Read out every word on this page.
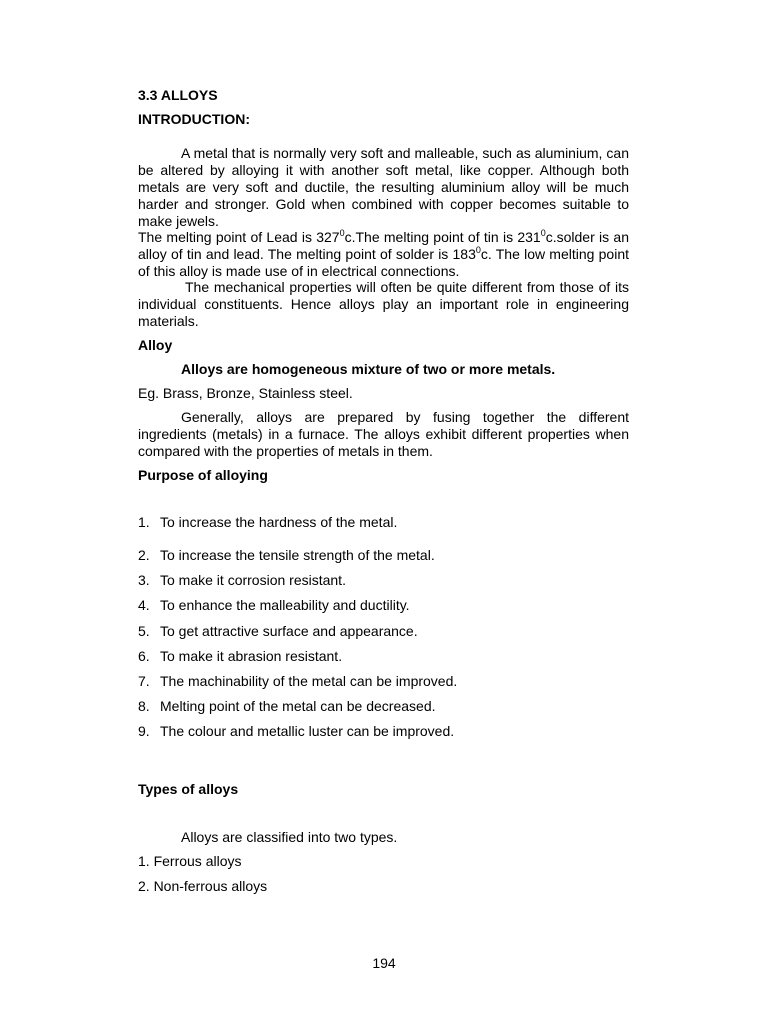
3.3 ALLOYS
INTRODUCTION:

A metal that is normally very soft and malleable, such as aluminium, can be altered by alloying it with another soft metal, like copper. Although both metals are very soft and ductile, the resulting aluminium alloy will be much harder and stronger. Gold when combined with copper becomes suitable to make jewels.

The melting point of Lead is $327^0c.The$ melting point of tin is $231^0c.solder$ is an alloy of tin and lead. The melting point of solder is $183^0c$. The low melting point of this alloy is made use of in electrical connections.

The mechanical properties will often be quite different from those of its individual constituents. Hence alloys play an important role in engineering materials.

Alloy
Alloys are homogeneous mixture of two or more metals.
Eg. Brass, Bronze, Stainless steel.

Generally, alloys are prepared by fusing together the different ingredients (metals) in a furnace. The alloys exhibit different properties when compared with the properties of metals in them.

Purpose of alloying
1. To increase the hardness of the metal.
2. To increase the tensile strength of the metal.
3. To make it corrosion resistant.
4. To enhance the malleability and ductility.
5. To get attractive surface and appearance.
6. To make it abrasion resistant.
7. The machinability of the metal can be improved.
8. Melting point of the metal can be decreased.
9. The colour and metallic luster can be improved.
Types of alloys
Alloys are classified into two types.
1. Ferrous alloys
2. Non-ferrous alloys
194
